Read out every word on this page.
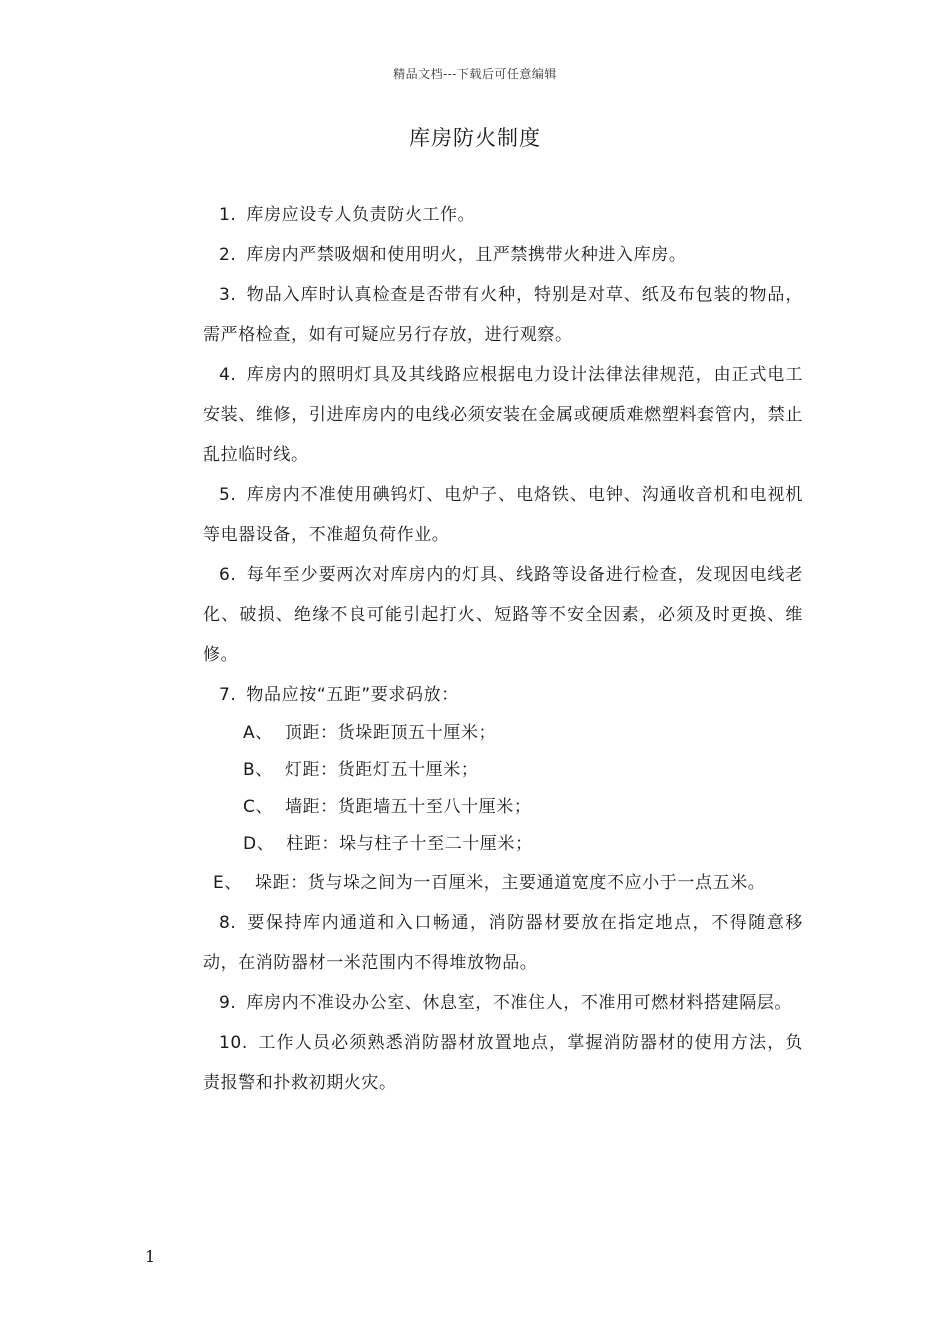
精品文档---下载后可任意编辑
库房防火制度

1. 库房应设专人负责防火工作。

2. 库房内严禁吸烟和使用明火，且严禁携带火种进入库房。

3. 物品入库时认真检查是否带有火种，特别是对草、纸及布包装的物品，需严格检查，如有可疑应另行存放，进行观察。

4. 库房内的照明灯具及其线路应根据电力设计法律法律规范，由正式电工安装、维修，引进库房内的电线必须安装在金属或硬质难燃塑料套管内，禁止乱拉临时线。

5. 库房内不准使用碘钨灯、电炉子、电烙铁、电钟、沟通收音机和电视机等电器设备，不准超负荷作业。

6. 每年至少要两次对库房内的灯具、线路等设备进行检查，发现因电线老化、破损、绝缘不良可能引起打火、短路等不安全因素，必须及时更换、维修。

7. 物品应按“五距”要求码放：

A、 顶距：货垛距顶五十厘米；

B、 灯距：货距灯五十厘米；

C、 墙距：货距墙五十至八十厘米；

D、 柱距：垛与柱子十至二十厘米；

E、 垛距：货与垛之间为一百厘米，主要通道宽度不应小于一点五米。

8. 要保持库内通道和入口畅通，消防器材要放在指定地点，不得随意移动，在消防器材一米范围内不得堆放物品。

9. 库房内不准设办公室、休息室，不准住人，不准用可燃材料搭建隔层。

10. 工作人员必须熟悉消防器材放置地点，掌握消防器材的使用方法，负责报警和扑救初期火灾。

1
